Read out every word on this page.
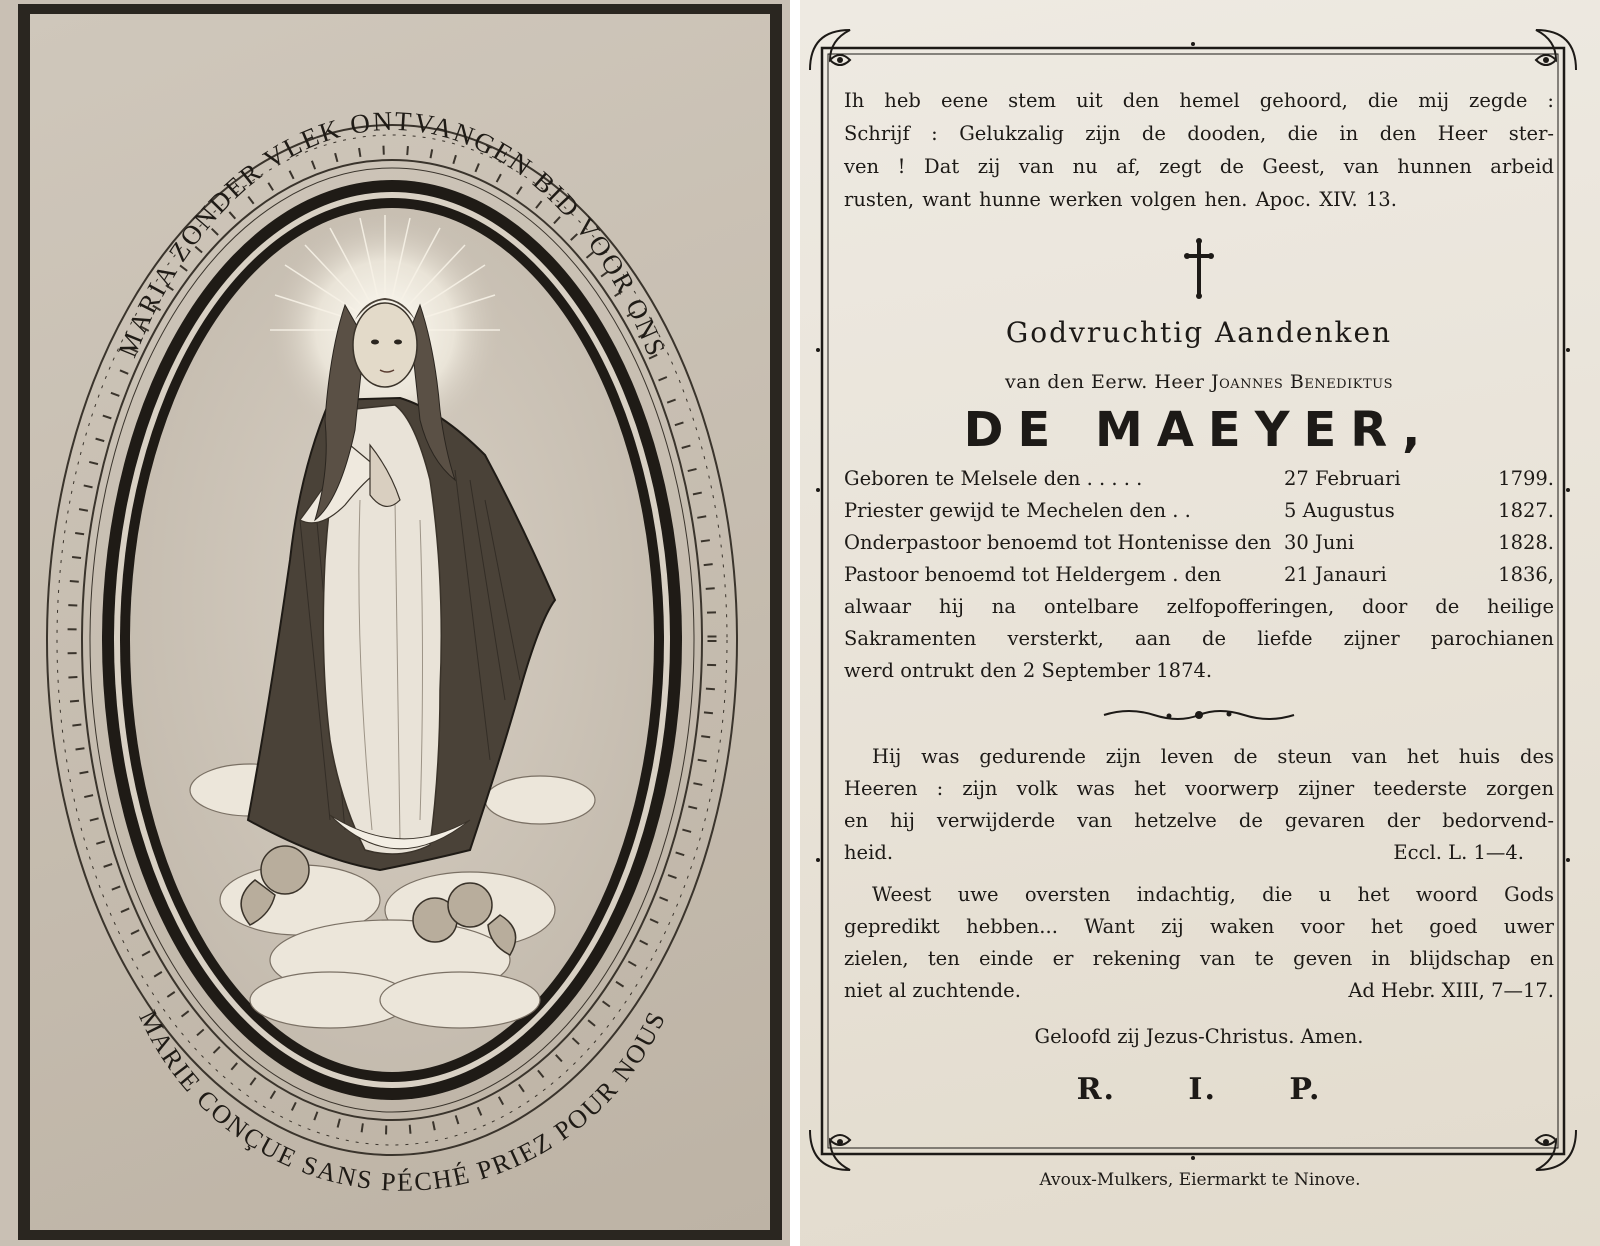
MARIA ZONDER VLEK ONTVANGEN BID VOOR ONS
MARIE CONÇUE SANS PÉCHÉ PRIEZ POUR NOUS

Ih heb eene stem uit den hemel gehoord, die mij zegde :

Schrijf : Gelukzalig zijn de dooden, die in den Heer ster-

ven ! Dat zij van nu af, zegt de Geest, van hunnen arbeid

rusten, want hunne werken volgen hen. Apoc. XIV. 13.

Godvruchtig Aandenken
van den Eerw. Heer Joannes Benediktus
DE MAEYER,
Geboren te Melsele den . . . . .	27 Februari	1799.
Priester gewijd te Mechelen den . .	5 Augustus	1827.
Onderpastoor benoemd tot Hontenisse den 30 Juni	1828.
Pastoor benoemd tot Heldergem . den	21 Janauri	1836,

alwaar hij na ontelbare zelfopofferingen, door de heilige

Sakramenten versterkt, aan de liefde zijner parochianen

werd ontrukt den 2 September 1874.

Hij was gedurende zijn leven de steun van het huis des

Heeren : zijn volk was het voorwerp zijner teederste zorgen

en hij verwijderde van hetzelve de gevaren der bedorvend-

heid.	Eccl. L. 1—4.

Weest uwe oversten indachtig, die u het woord Gods

gepredikt hebben... Want zij waken voor het goed uwer

zielen, ten einde er rekening van te geven in blijdschap en

niet al zuchtende.	Ad Hebr. XIII, 7—17.
Geloofd zij Jezus-Christus. Amen.
R. I. P.
Avoux-Mulkers, Eiermarkt te Ninove.
